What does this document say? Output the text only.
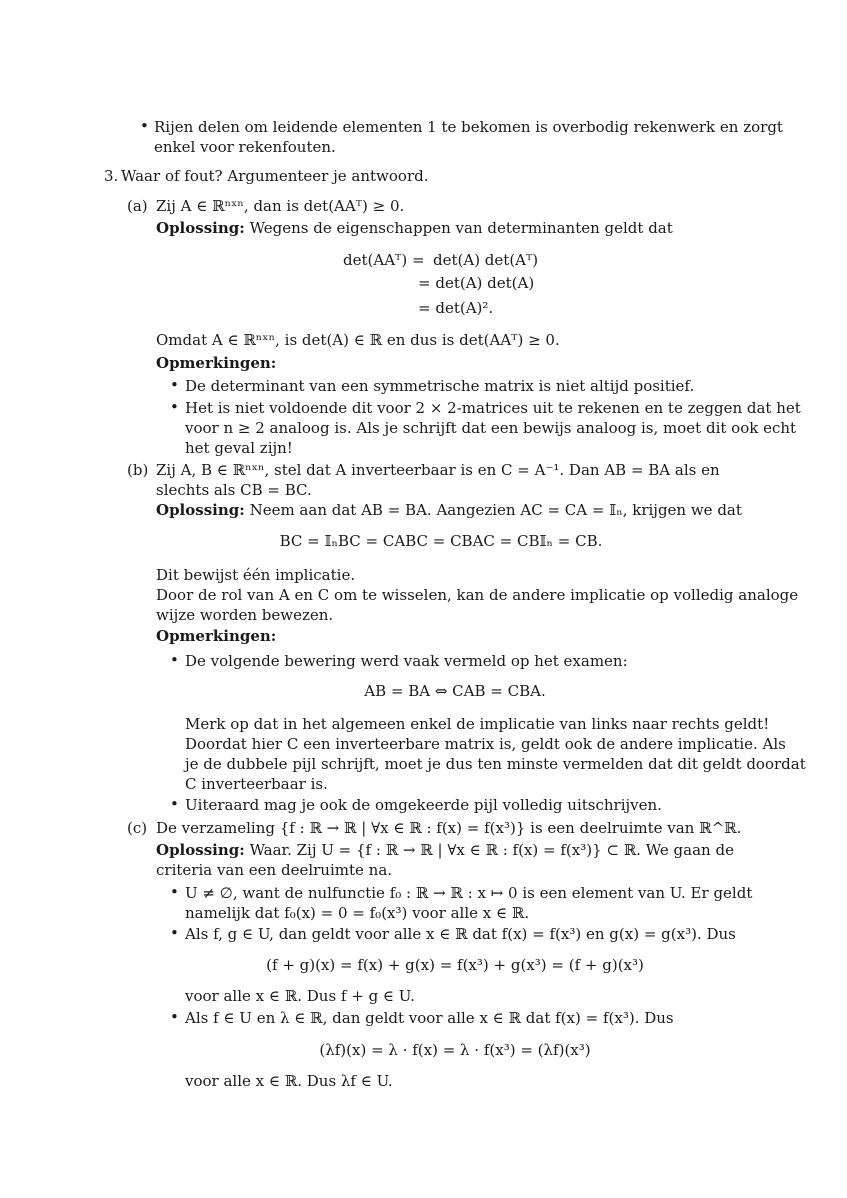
• Rijen delen om leidende elementen 1 te bekomen is overbodig rekenwerk en zorgt
enkel voor rekenfouten.
3. Waar of fout? Argumenteer je antwoord.
(a) Zij A ∈ ℝⁿˣⁿ, dan is det(AAᵀ) ≥ 0.
Oplossing: Wegens de eigenschappen van determinanten geldt dat
det(AAᵀ) = det(A) det(Aᵀ)
= det(A) det(A)
= det(A)².
Omdat A ∈ ℝⁿˣⁿ, is det(A) ∈ ℝ en dus is det(AAᵀ) ≥ 0.
Opmerkingen:
• De determinant van een symmetrische matrix is niet altijd positief.
• Het is niet voldoende dit voor 2 × 2-matrices uit te rekenen en te zeggen dat het
voor n ≥ 2 analoog is. Als je schrijft dat een bewijs analoog is, moet dit ook echt
het geval zijn!
(b) Zij A, B ∈ ℝⁿˣⁿ, stel dat A inverteerbaar is en C = A⁻¹. Dan AB = BA als en
slechts als CB = BC.
Oplossing: Neem aan dat AB = BA. Aangezien AC = CA = 𝕀ₙ, krijgen we dat
BC = 𝕀ₙBC = CABC = CBAC = CB𝕀ₙ = CB.
Dit bewijst één implicatie.
Door de rol van A en C om te wisselen, kan de andere implicatie op volledig analoge
wijze worden bewezen.
Opmerkingen:
• De volgende bewering werd vaak vermeld op het examen:
AB = BA ⇔ CAB = CBA.
Merk op dat in het algemeen enkel de implicatie van links naar rechts geldt!
Doordat hier C een inverteerbare matrix is, geldt ook de andere implicatie. Als
je de dubbele pijl schrijft, moet je dus ten minste vermelden dat dit geldt doordat
C inverteerbaar is.
• Uiteraard mag je ook de omgekeerde pijl volledig uitschrijven.
(c) De verzameling {f : ℝ → ℝ | ∀x ∈ ℝ : f(x) = f(x³)} is een deelruimte van ℝ^ℝ.
Oplossing: Waar. Zij U = {f : ℝ → ℝ | ∀x ∈ ℝ : f(x) = f(x³)} ⊂ ℝ. We gaan de
criteria van een deelruimte na.
• U ≠ ∅, want de nulfunctie f₀ : ℝ → ℝ : x ↦ 0 is een element van U. Er geldt
namelijk dat f₀(x) = 0 = f₀(x³) voor alle x ∈ ℝ.
• Als f, g ∈ U, dan geldt voor alle x ∈ ℝ dat f(x) = f(x³) en g(x) = g(x³). Dus
(f + g)(x) = f(x) + g(x) = f(x³) + g(x³) = (f + g)(x³)
voor alle x ∈ ℝ. Dus f + g ∈ U.
• Als f ∈ U en λ ∈ ℝ, dan geldt voor alle x ∈ ℝ dat f(x) = f(x³). Dus
(λf)(x) = λ · f(x) = λ · f(x³) = (λf)(x³)
voor alle x ∈ ℝ. Dus λf ∈ U.
